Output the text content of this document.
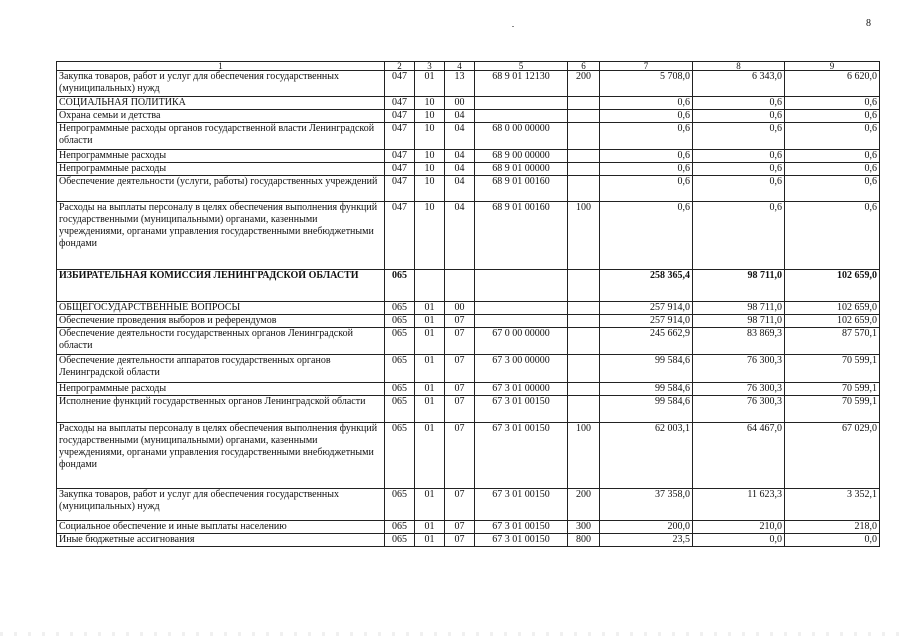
8
1	2	3	4	5	6	7	8	9
Закупка товаров, работ и услуг для обеспечения государственных (муниципальных) нужд	047	01	13	68 9 01 12130	200	5 708,0	6 343,0	6 620,0
СОЦИАЛЬНАЯ ПОЛИТИКА	047	10	00			0,6	0,6	0,6
Охрана семьи и детства	047	10	04			0,6	0,6	0,6
Непрограммные расходы органов государственной власти Ленинградской области	047	10	04	68 0 00 00000		0,6	0,6	0,6
Непрограммные расходы	047	10	04	68 9 00 00000		0,6	0,6	0,6
Непрограммные расходы	047	10	04	68 9 01 00000		0,6	0,6	0,6
Обеспечение деятельности (услуги, работы) государственных учреждений	047	10	04	68 9 01 00160		0,6	0,6	0,6
Расходы на выплаты персоналу в целях обеспечения выполнения функций государственными (муниципальными) органами, казенными учреждениями, органами управления государственными внебюджетными фондами	047	10	04	68 9 01 00160	100	0,6	0,6	0,6
ИЗБИРАТЕЛЬНАЯ КОМИССИЯ ЛЕНИНГРАДСКОЙ ОБЛАСТИ	065					258 365,4	98 711,0	102 659,0
ОБЩЕГОСУДАРСТВЕННЫЕ ВОПРОСЫ	065	01	00			257 914,0	98 711,0	102 659,0
Обеспечение проведения выборов и референдумов	065	01	07			257 914,0	98 711,0	102 659,0
Обеспечение деятельности государственных органов Ленинградской области	065	01	07	67 0 00 00000		245 662,9	83 869,3	87 570,1
Обеспечение деятельности аппаратов государственных органов Ленинградской области	065	01	07	67 3 00 00000		99 584,6	76 300,3	70 599,1
Непрограммные расходы	065	01	07	67 3 01 00000		99 584,6	76 300,3	70 599,1
Исполнение функций государственных органов Ленинградской области	065	01	07	67 3 01 00150		99 584,6	76 300,3	70 599,1
Расходы на выплаты персоналу в целях обеспечения выполнения функций государственными (муниципальными) органами, казенными учреждениями, органами управления государственными внебюджетными фондами	065	01	07	67 3 01 00150	100	62 003,1	64 467,0	67 029,0
Закупка товаров, работ и услуг для обеспечения государственных (муниципальных) нужд	065	01	07	67 3 01 00150	200	37 358,0	11 623,3	3 352,1
Социальное обеспечение и иные выплаты населению	065	01	07	67 3 01 00150	300	200,0	210,0	218,0
Иные бюджетные ассигнования	065	01	07	67 3 01 00150	800	23,5	0,0	0,0
